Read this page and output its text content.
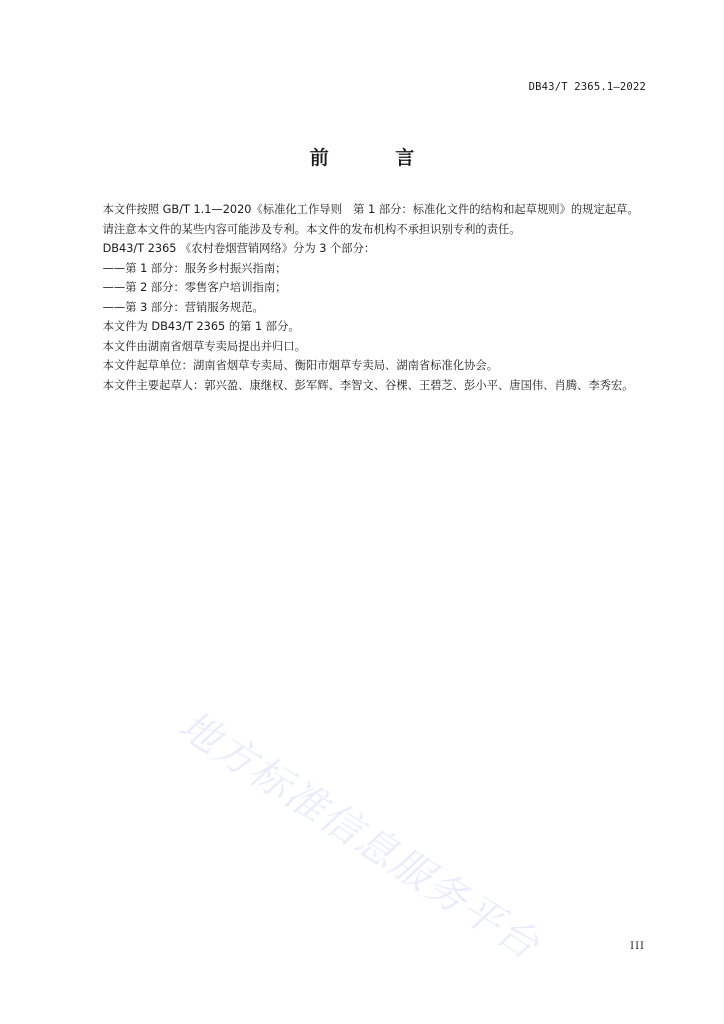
DB43/T 2365.1—2022
前 言

本文件按照 GB/T 1.1—2020《标准化工作导则　第 1 部分：标准化文件的结构和起草规则》的规定起草。

请注意本文件的某些内容可能涉及专利。本文件的发布机构不承担识别专利的责任。

DB43/T 2365 《农村卷烟营销网络》分为 3 个部分：

——第 1 部分：服务乡村振兴指南；

——第 2 部分：零售客户培训指南；

——第 3 部分：营销服务规范。

本文件为 DB43/T 2365 的第 1 部分。

本文件由湖南省烟草专卖局提出并归口。

本文件起草单位：湖南省烟草专卖局、衡阳市烟草专卖局、湖南省标准化协会。

本文件主要起草人：郭兴盈、康继权、彭军辉、李智文、谷棵、王碧芝、彭小平、唐国伟、肖腾、李秀宏。

地方标准信息服务平台	III
